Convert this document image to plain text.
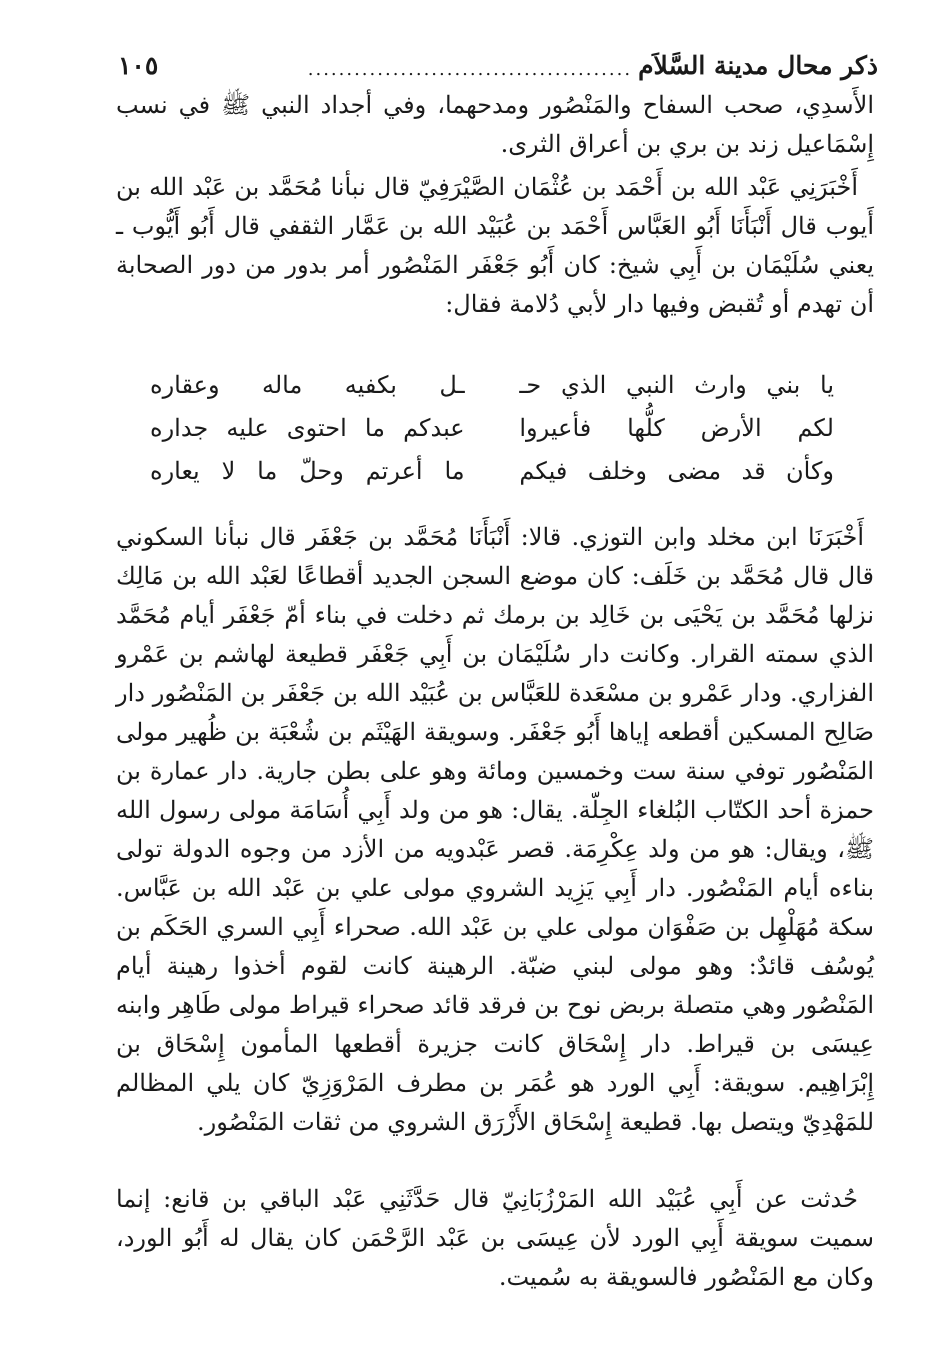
ذكر محال مدينة السَّلاَم
..........................................
١٠٥

الأَسدِي، صحب السفاح والمَنْصُور ومدحهما، وفي أجداد النبي ﷺ في نسب إِسْمَاعيل زند بن بري بن أعراق الثرى.

أَخْبَرَنِي عَبْد الله بن أَحْمَد بن عُثْمَان الصَّيْرَفِيّ قال نبأنا مُحَمَّد بن عَبْد الله بن أَيوب قال أَنْبَأَنَا أَبُو العَبَّاس أَحْمَد بن عُبَيْد الله بن عَمَّار الثقفي قال أَبُو أَيُّوب ـ يعني سُلَيْمَان بن أَبِي شيخ: كان أَبُو جَعْفَر المَنْصُور أمر بدور من دور الصحابة أن تهدم أو تُقبض وفيها دار لأبي دُلامة فقال:

يا بني وارث النبي الذي حـ
ـل بكفيه ماله وعقاره
لكم الأرض كلُّها فأعيروا
عبدكم ما احتوى عليه جداره
وكأن قد مضى وخلف فيكم
ما أعرتم وحلّ ما لا يعاره

أَخْبَرَنَا ابن مخلد وابن التوزي. قالا: أَنْبَأَنَا مُحَمَّد بن جَعْفَر قال نبأنا السكوني قال قال مُحَمَّد بن خَلَف: كان موضع السجن الجديد أقطاعًا لعَبْد الله بن مَالِك نزلها مُحَمَّد بن يَحْيَى بن خَالِد بن برمك ثم دخلت في بناء أمّ جَعْفَر أيام مُحَمَّد الذي سمته القرار. وكانت دار سُلَيْمَان بن أَبِي جَعْفَر قطيعة لهاشم بن عَمْرو الفزاري. ودار عَمْرو بن مسْعَدة للعَبَّاس بن عُبَيْد الله بن جَعْفَر بن المَنْصُور دار صَالِح المسكين أقطعه إياها أَبُو جَعْفَر. وسويقة الهَيْثَم بن شُعْبَة بن ظُهير مولى المَنْصُور توفي سنة ست وخمسين ومائة وهو على بطن جارية. دار عمارة بن حمزة أحد الكتّاب البُلغاء الجِلّة. يقال: هو من ولد أَبِي أُسَامَة مولى رسول الله ﷺ، ويقال: هو من ولد عِكْرِمَة. قصر عَبْدويه من الأزد من وجوه الدولة تولى بناءه أيام المَنْصُور. دار أَبِي يَزِيد الشروي مولى علي بن عَبْد الله بن عَبَّاس. سكة مُهَلْهِل بن صَفْوَان مولى علي بن عَبْد الله. صحراء أَبِي السري الحَكَم بن يُوسُف قائدٌ: وهو مولى لبني ضبّة. الرهينة كانت لقوم أخذوا رهينة أيام المَنْصُور وهي متصلة بربض نوح بن فرقد قائد صحراء قيراط مولى طَاهِر وابنه عِيسَى بن قيراط. دار إِسْحَاق كانت جزيرة أقطعها المأمون إِسْحَاق بن إِبْرَاهِيم. سويقة: أَبِي الورد هو عُمَر بن مطرف المَرْوَزِيّ كان يلي المظالم للمَهْدِيّ ويتصل بها. قطيعة إِسْحَاق الأَزْرَق الشروي من ثقات المَنْصُور.

حُدثت عن أَبِي عُبَيْد الله المَرْزُبَانِيّ قال حَدَّثَنِي عَبْد الباقي بن قانع: إنما سميت سويقة أَبِي الورد لأن عِيسَى بن عَبْد الرَّحْمَن كان يقال له أَبُو الورد، وكان مع المَنْصُور فالسويقة به سُميت.
